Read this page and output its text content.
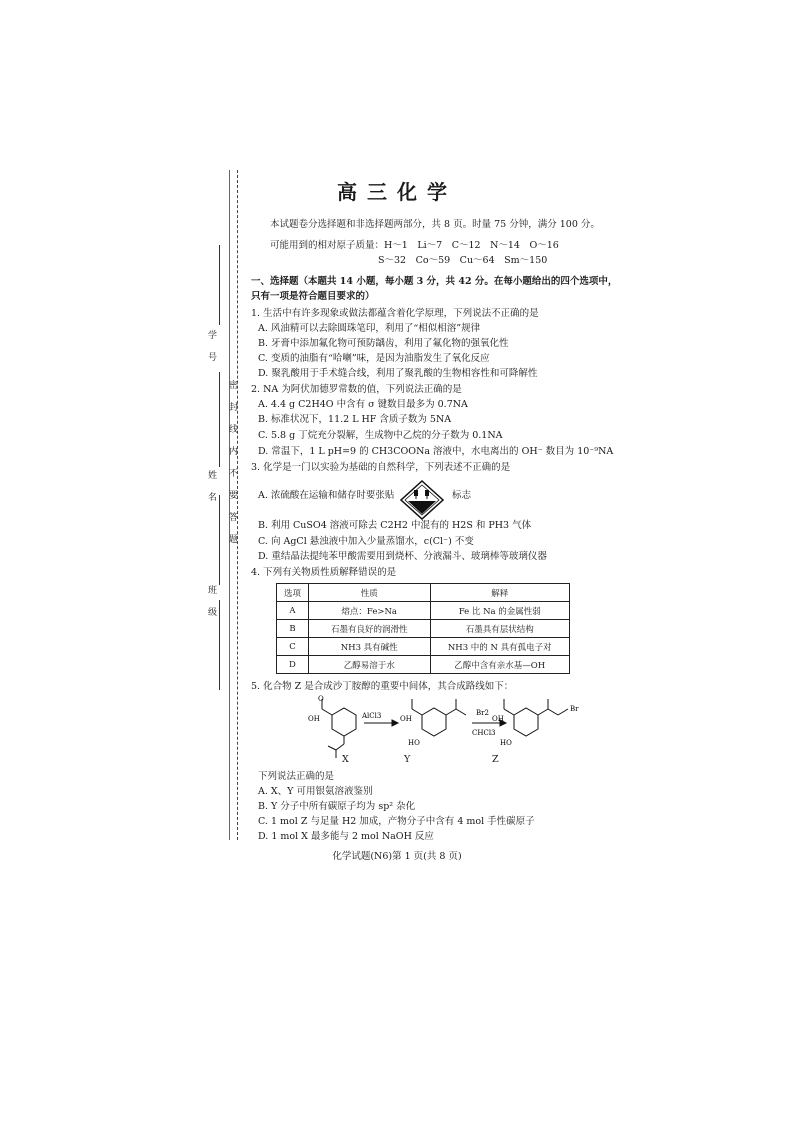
密　封　线　内　不　要　答　题
班　级
姓　名
学　号
高三化学
本试题卷分选择题和非选择题两部分，共 8 页。时量 75 分钟，满分 100 分。
可能用到的相对原子质量：H～1　Li～7　C～12　N～14　O～16
S～32　Co～59　Cu～64　Sm～150
一、选择题（本题共 14 小题，每小题 3 分，共 42 分。在每小题给出的四个选项中，
只有一项是符合题目要求的）
1. 生活中有许多现象或做法都蕴含着化学原理，下列说法不正确的是
A. 风油精可以去除圆珠笔印，利用了“相似相溶”规律
B. 牙膏中添加氟化物可预防龋齿，利用了氟化物的强氧化性
C. 变质的油脂有“哈喇”味，是因为油脂发生了氧化反应
D. 聚乳酸用于手术缝合线，利用了聚乳酸的生物相容性和可降解性
2. NA 为阿伏加德罗常数的值，下列说法正确的是
A. 4.4 g C2H4O 中含有 σ 键数目最多为 0.7NA
B. 标准状况下，11.2 L HF 含质子数为 5NA
C. 5.8 g 丁烷充分裂解，生成物中乙烷的分子数为 0.1NA
D. 常温下，1 L pH=9 的 CH3COONa 溶液中，水电离出的 OH⁻ 数目为 10⁻⁹NA
3. 化学是一门以实验为基础的自然科学，下列表述不正确的是
A. 浓硫酸在运输和储存时要张贴	标志
B. 利用 CuSO4 溶液可除去 C2H2 中混有的 H2S 和 PH3 气体
C. 向 AgCl 悬浊液中加入少量蒸馏水，c(Cl⁻) 不变
D. 重结晶法提纯苯甲酸需要用到烧杯、分液漏斗、玻璃棒等玻璃仪器
4. 下列有关物质性质解释错误的是
选项	性质	解释
A	熔点：Fe>Na	Fe 比 Na 的金属性弱
B	石墨有良好的润滑性	石墨具有层状结构
C	NH3 具有碱性	NH3 中的 N 具有孤电子对
D	乙醇易溶于水	乙醇中含有亲水基—OH
5. 化合物 Z 是合成沙丁胺醇的重要中间体，其合成路线如下：
OH
O
AlCl3	OH
HO
Br2
CHCl3
OH
HO
Br
X	Y	Z
下列说法正确的是
A. X、Y 可用银氨溶液鉴别
B. Y 分子中所有碳原子均为 sp² 杂化
C. 1 mol Z 与足量 H2 加成，产物分子中含有 4 mol 手性碳原子
D. 1 mol X 最多能与 2 mol NaOH 反应
化学试题(N6)第 1 页(共 8 页)
